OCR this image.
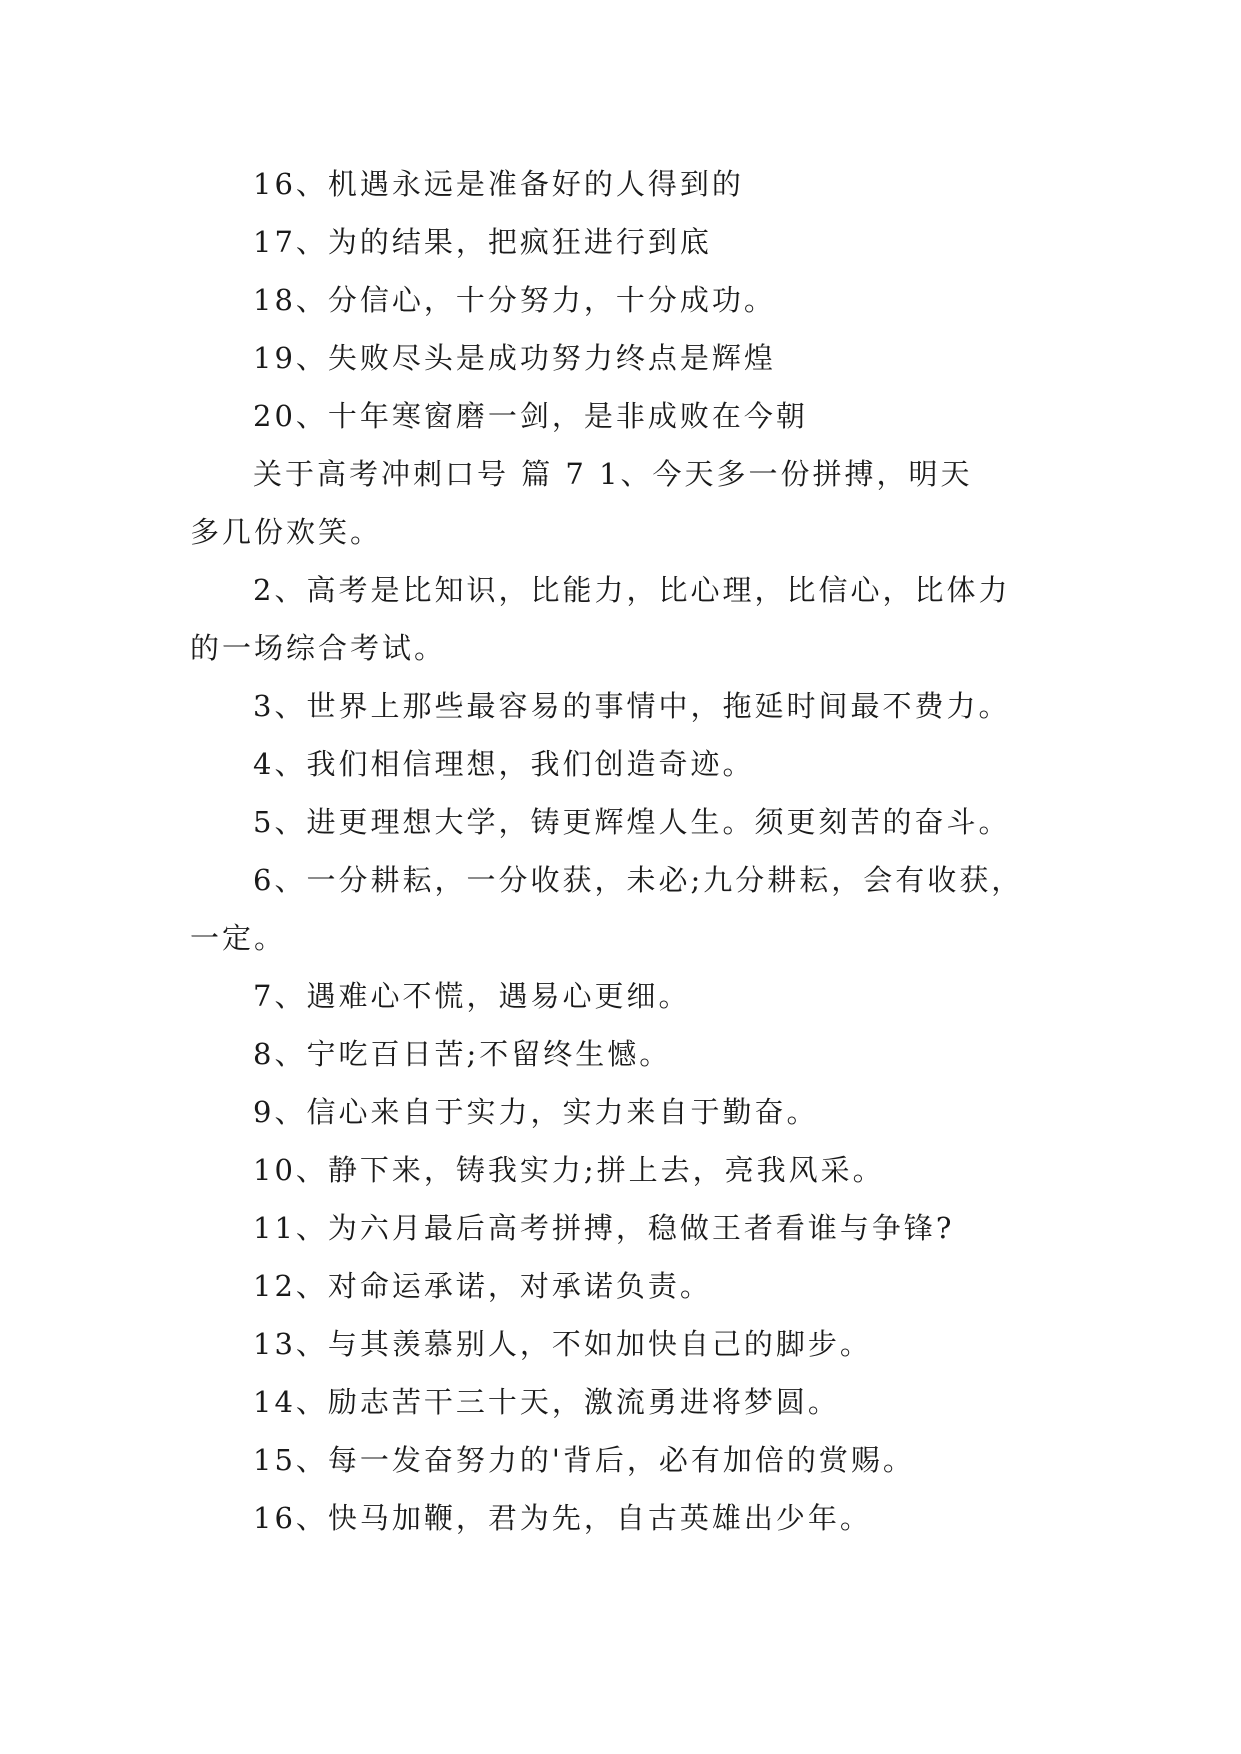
16、机遇永远是准备好的人得到的
17、为的结果，把疯狂进行到底
18、分信心，十分努力，十分成功。
19、失败尽头是成功努力终点是辉煌
20、十年寒窗磨一剑，是非成败在今朝
关于高考冲刺口号 篇 7 1、今天多一份拼搏，明天
多几份欢笑。
2、高考是比知识，比能力，比心理，比信心，比体力
的一场综合考试。
3、世界上那些最容易的事情中，拖延时间最不费力。
4、我们相信理想，我们创造奇迹。
5、进更理想大学，铸更辉煌人生。须更刻苦的奋斗。
6、一分耕耘，一分收获，未必;九分耕耘，会有收获，
一定。
7、遇难心不慌，遇易心更细。
8、宁吃百日苦;不留终生憾。
9、信心来自于实力，实力来自于勤奋。
10、静下来，铸我实力;拼上去，亮我风采。
11、为六月最后高考拼搏，稳做王者看谁与争锋?
12、对命运承诺，对承诺负责。
13、与其羡慕别人，不如加快自己的脚步。
14、励志苦干三十天，激流勇进将梦圆。
15、每一发奋努力的'背后，必有加倍的赏赐。
16、快马加鞭，君为先，自古英雄出少年。
